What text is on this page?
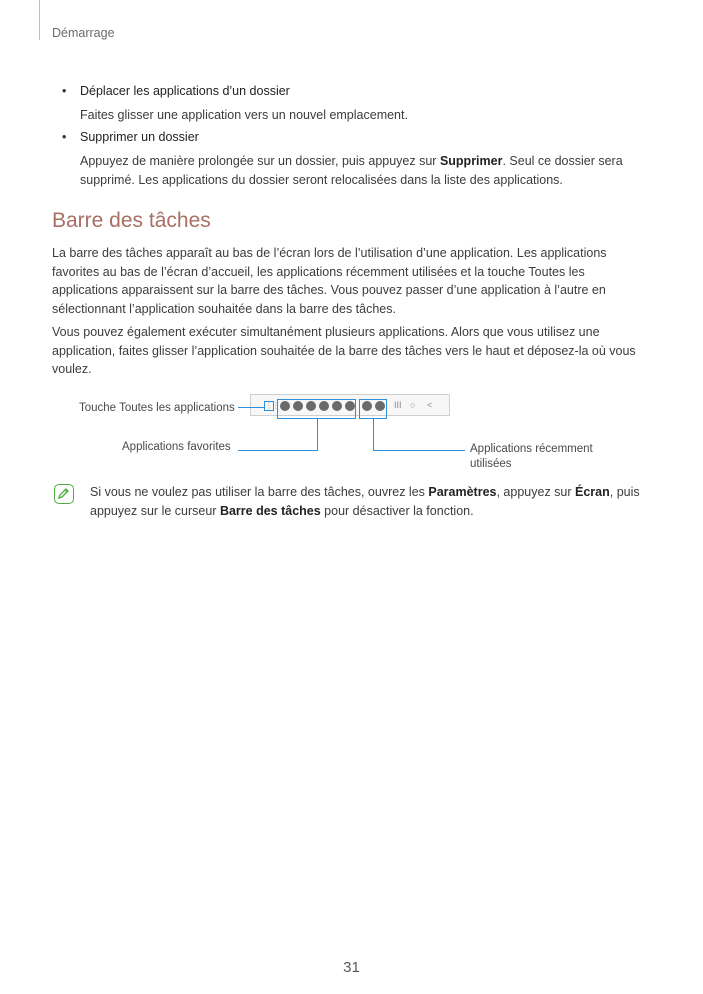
Démarrage
• Déplacer les applications d’un dossier

Faites glisser une application vers un nouvel emplacement.

• Supprimer un dossier

Appuyez de manière prolongée sur un dossier, puis appuyez sur Supprimer. Seul ce dossier sera
supprimé. Les applications du dossier seront relocalisées dans la liste des applications.

Barre des tâches

La barre des tâches apparaît au bas de l’écran lors de l’utilisation d’une application. Les applications
favorites au bas de l’écran d’accueil, les applications récemment utilisées et la touche Toutes les
applications apparaissent sur la barre des tâches. Vous pouvez passer d’une application à l’autre en
sélectionnant l’application souhaitée dans la barre des tâches.

Vous pouvez également exécuter simultanément plusieurs applications. Alors que vous utilisez une
application, faites glisser l’application souhaitée de la barre des tâches vers le haut et déposez-la où vous
voulez.

⋮⋮	III ○ <
Touche Toutes les applications
Applications favorites	Applications récemment
utilisées

Si vous ne voulez pas utiliser la barre des tâches, ouvrez les Paramètres, appuyez sur Écran, puis
appuyez sur le curseur Barre des tâches pour désactiver la fonction.

31
